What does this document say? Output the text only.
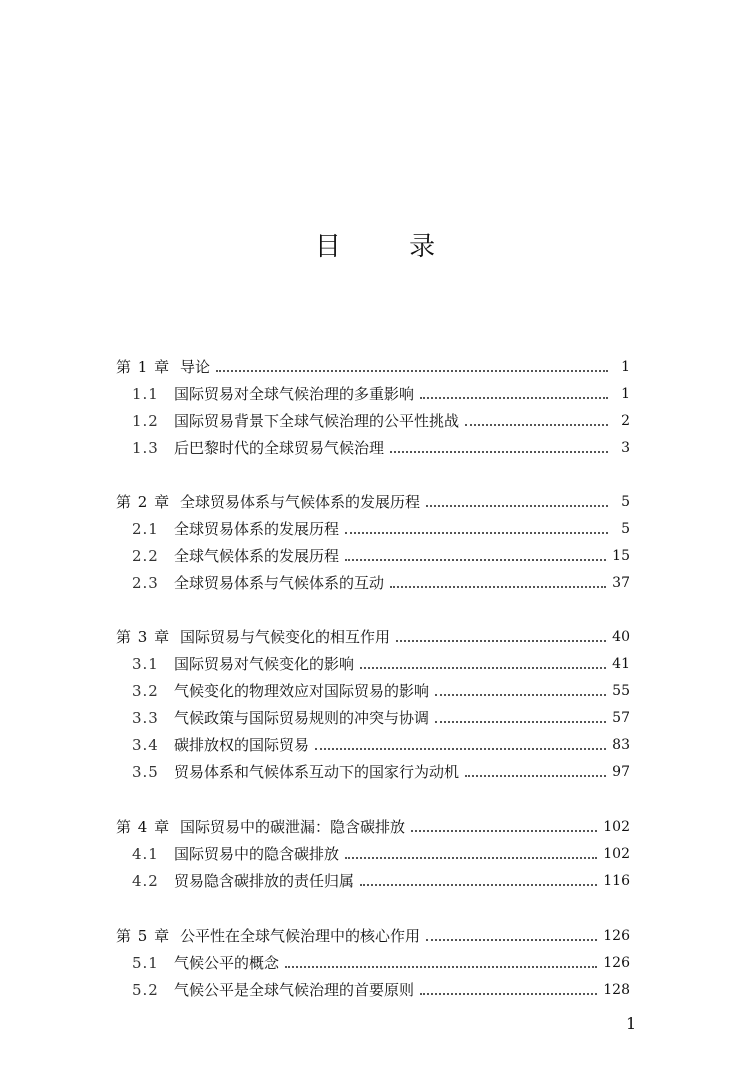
目 录
第 1 章 导论	1
1.1	国际贸易对全球气候治理的多重影响	1
1.2	国际贸易背景下全球气候治理的公平性挑战	2
1.3	后巴黎时代的全球贸易气候治理	3
第 2 章 全球贸易体系与气候体系的发展历程	5
2.1	全球贸易体系的发展历程	5
2.2	全球气候体系的发展历程	15
2.3	全球贸易体系与气候体系的互动	37
第 3 章 国际贸易与气候变化的相互作用	40
3.1	国际贸易对气候变化的影响	41
3.2	气候变化的物理效应对国际贸易的影响	55
3.3	气候政策与国际贸易规则的冲突与协调	57
3.4	碳排放权的国际贸易	83
3.5	贸易体系和气候体系互动下的国家行为动机	97
第 4 章 国际贸易中的碳泄漏：隐含碳排放	102
4.1	国际贸易中的隐含碳排放	102
4.2	贸易隐含碳排放的责任归属	116
第 5 章 公平性在全球气候治理中的核心作用	126
5.1	气候公平的概念	126
5.2	气候公平是全球气候治理的首要原则	128
1
